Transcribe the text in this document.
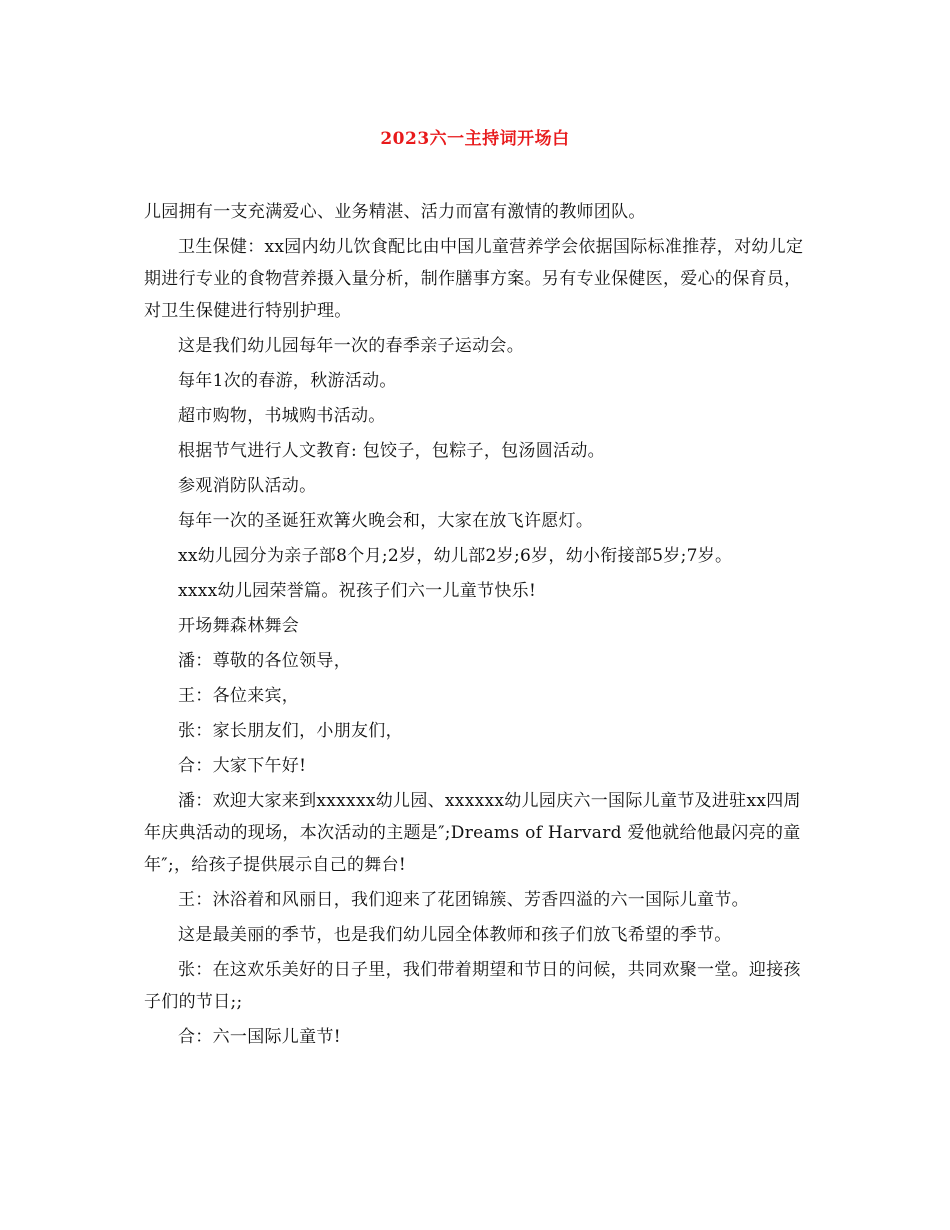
2023六一主持词开场白

儿园拥有一支充满爱心、业务精湛、活力而富有激情的教师团队。

卫生保健：xx园内幼儿饮食配比由中国儿童营养学会依据国际标准推荐，对幼儿定期进行专业的食物营养摄入量分析，制作膳事方案。另有专业保健医，爱心的保育员，对卫生保健进行特别护理。

这是我们幼儿园每年一次的春季亲子运动会。

每年1次的春游，秋游活动。

超市购物，书城购书活动。

根据节气进行人文教育: 包饺子，包粽子，包汤圆活动。

参观消防队活动。

每年一次的圣诞狂欢篝火晚会和，大家在放飞许愿灯。

xx幼儿园分为亲子部8个月;2岁，幼儿部2岁;6岁，幼小衔接部5岁;7岁。

xxxx幼儿园荣誉篇。祝孩子们六一儿童节快乐!

开场舞森林舞会

潘：尊敬的各位领导，

王：各位来宾，

张：家长朋友们，小朋友们，

合：大家下午好!

潘：欢迎大家来到xxxxxx幼儿园、xxxxxx幼儿园庆六一国际儿童节及进驻xx四周年庆典活动的现场，本次活动的主题是″;Dreams of Harvard 爱他就给他最闪亮的童年″;，给孩子提供展示自己的舞台!

王：沐浴着和风丽日，我们迎来了花团锦簇、芳香四溢的六一国际儿童节。

这是最美丽的季节，也是我们幼儿园全体教师和孩子们放飞希望的季节。

张：在这欢乐美好的日子里，我们带着期望和节日的问候，共同欢聚一堂。迎接孩子们的节日;;

合：六一国际儿童节!
